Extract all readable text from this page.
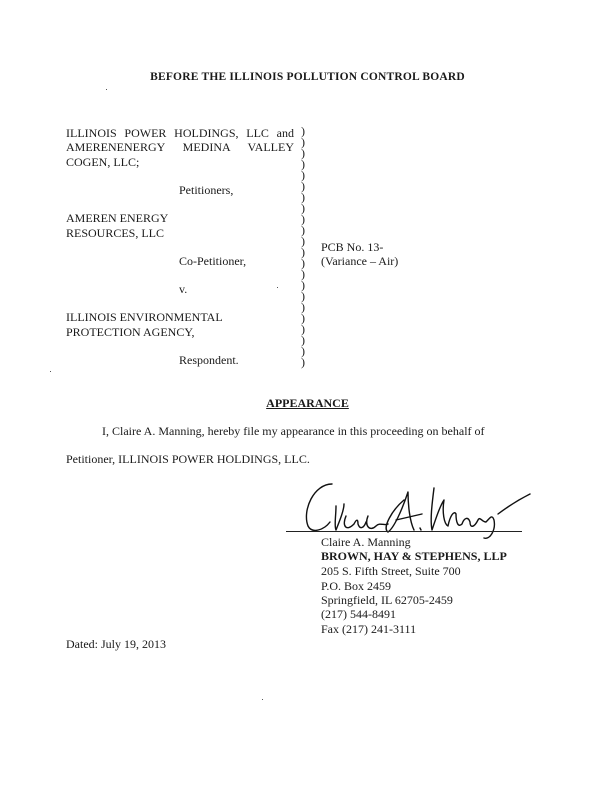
BEFORE THE ILLINOIS POLLUTION CONTROL BOARD
ILLINOIS POWER HOLDINGS, LLC and
AMERENENERGY MEDINA VALLEY
COGEN, LLC;
Petitioners,
AMEREN ENERGY
RESOURCES, LLC
Co-Petitioner,
v.
ILLINOIS ENVIRONMENTAL
PROTECTION AGENCY,
Respondent.
)
)
)
)
)
)
)
)
)
)
)
)
)
)
)
)
)
)
)
)
)
)
PCB No. 13-
(Variance – Air)
APPEARANCE
I, Claire A. Manning, hereby file my appearance in this proceeding on behalf of
Petitioner, ILLINOIS POWER HOLDINGS, LLC.
Claire A. Manning
Claire A. Manning
BROWN, HAY & STEPHENS, LLP
205 S. Fifth Street, Suite 700
P.O. Box 2459
Springfield, IL 62705-2459
(217) 544-8491
Fax (217) 241-3111
Dated: July 19, 2013
